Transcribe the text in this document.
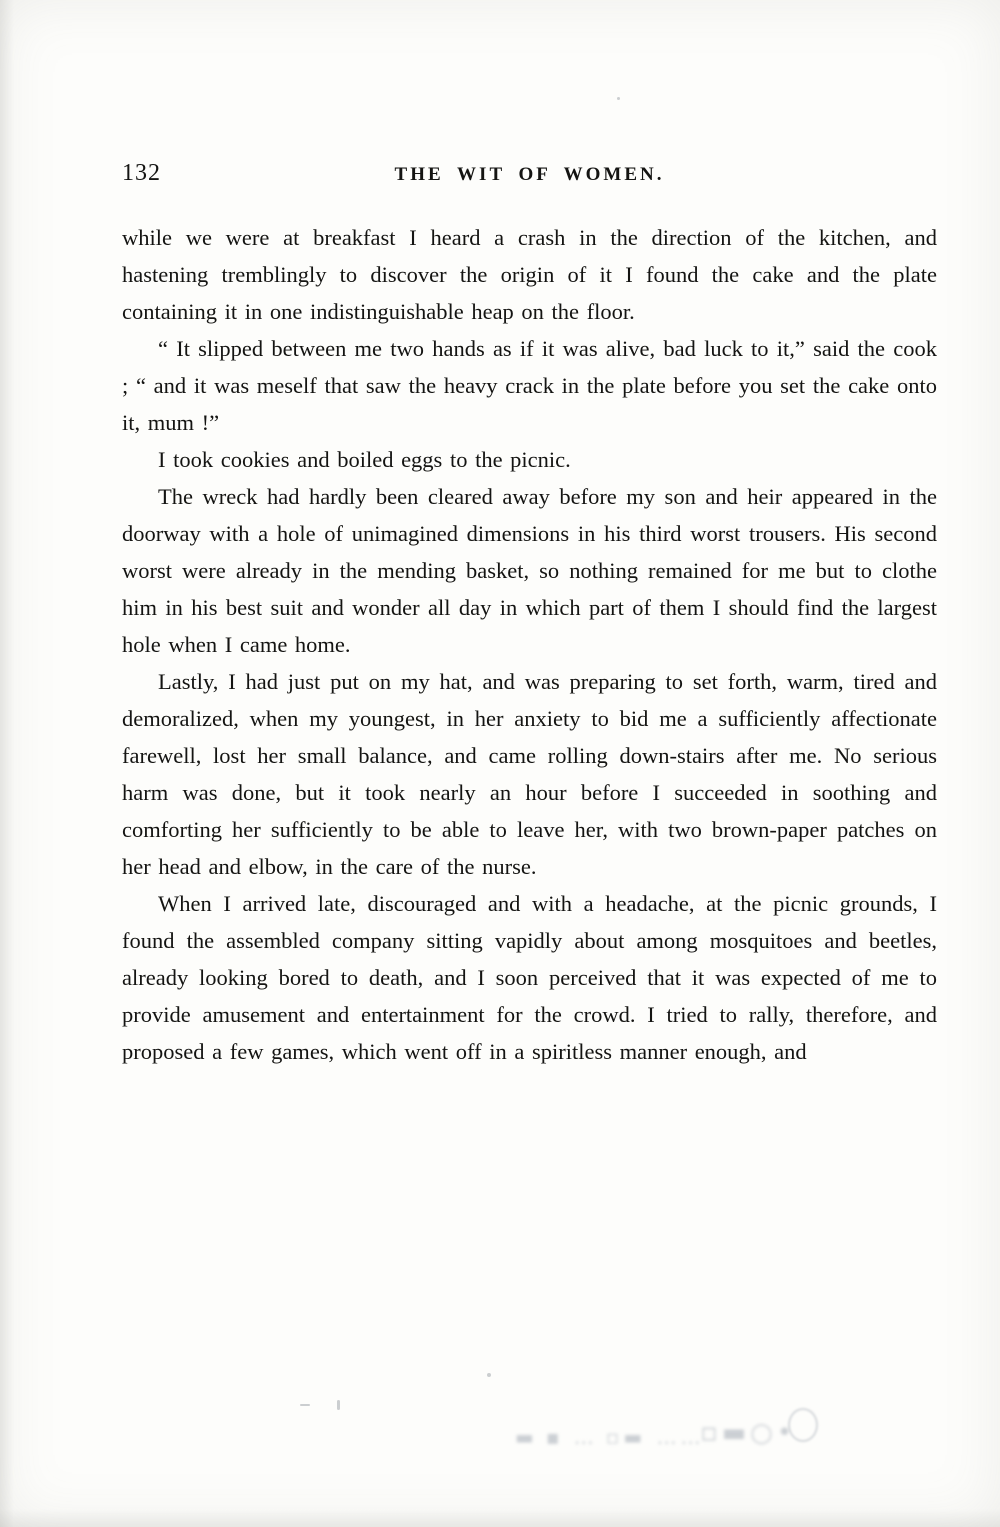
132	THE WIT OF WOMEN.

while we were at breakfast I heard a crash in the direction of the kitchen, and hastening tremblingly to discover the origin of it I found the cake and the plate containing it in one indistinguishable heap on the floor.

“ It slipped between me two hands as if it was alive, bad luck to it,” said the cook ; “ and it was meself that saw the heavy crack in the plate before you set the cake onto it, mum !”

I took cookies and boiled eggs to the picnic.

The wreck had hardly been cleared away before my son and heir appeared in the doorway with a hole of unimagined dimensions in his third worst trousers. His second worst were already in the mending basket, so nothing remained for me but to clothe him in his best suit and wonder all day in which part of them I should find the largest hole when I came home.

Lastly, I had just put on my hat, and was preparing to set forth, warm, tired and demoralized, when my youngest, in her anxiety to bid me a sufficiently affectionate farewell, lost her small balance, and came rolling down-stairs after me. No serious harm was done, but it took nearly an hour before I succeeded in soothing and comforting her sufficiently to be able to leave her, with two brown-paper patches on her head and elbow, in the care of the nurse.

When I arrived late, discouraged and with a headache, at the picnic grounds, I found the assembled company sitting vapidly about among mosquitoes and beetles, already looking bored to death, and I soon perceived that it was expected of me to provide amusement and entertainment for the crowd. I tried to rally, therefore, and proposed a few games, which went off in a spiritless manner enough, and

▬ ▪ … ▫▬ ……
▫▬○• 
